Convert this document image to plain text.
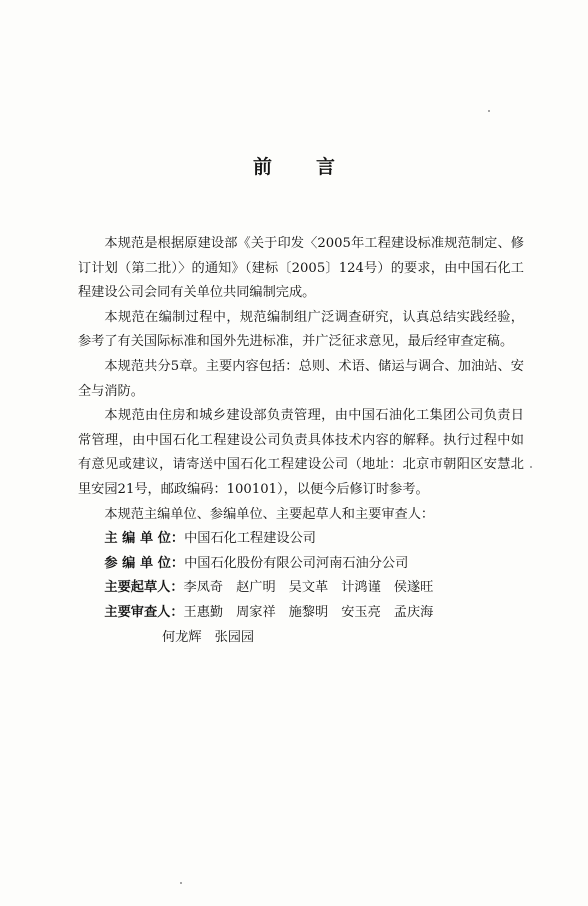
前 言

本规范是根据原建设部《关于印发〈2005年工程建设标准规范制定、修订计划（第二批）〉的通知》（建标〔2005〕124号）的要求，由中国石化工程建设公司会同有关单位共同编制完成。

本规范在编制过程中，规范编制组广泛调查研究，认真总结实践经验，参考了有关国际标准和国外先进标准，并广泛征求意见，最后经审查定稿。

本规范共分5章。主要内容包括：总则、术语、储运与调合、加油站、安全与消防。

本规范由住房和城乡建设部负责管理，由中国石油化工集团公司负责日常管理，由中国石化工程建设公司负责具体技术内容的解释。执行过程中如有意见或建议，请寄送中国石化工程建设公司（地址：北京市朝阳区安慧北里安园21号，邮政编码：100101），以便今后修订时参考。

本规范主编单位、参编单位、主要起草人和主要审查人：

主 编 单 位： 中国石化工程建设公司
参 编 单 位： 中国石化股份有限公司河南石油分公司
主要起草人： 李凤奇 赵广明 吴文革 计鸿谨 侯遂旺
主要审查人： 王惠勤 周家祥 施黎明 安玉亮 孟庆海
何龙辉 张园园
